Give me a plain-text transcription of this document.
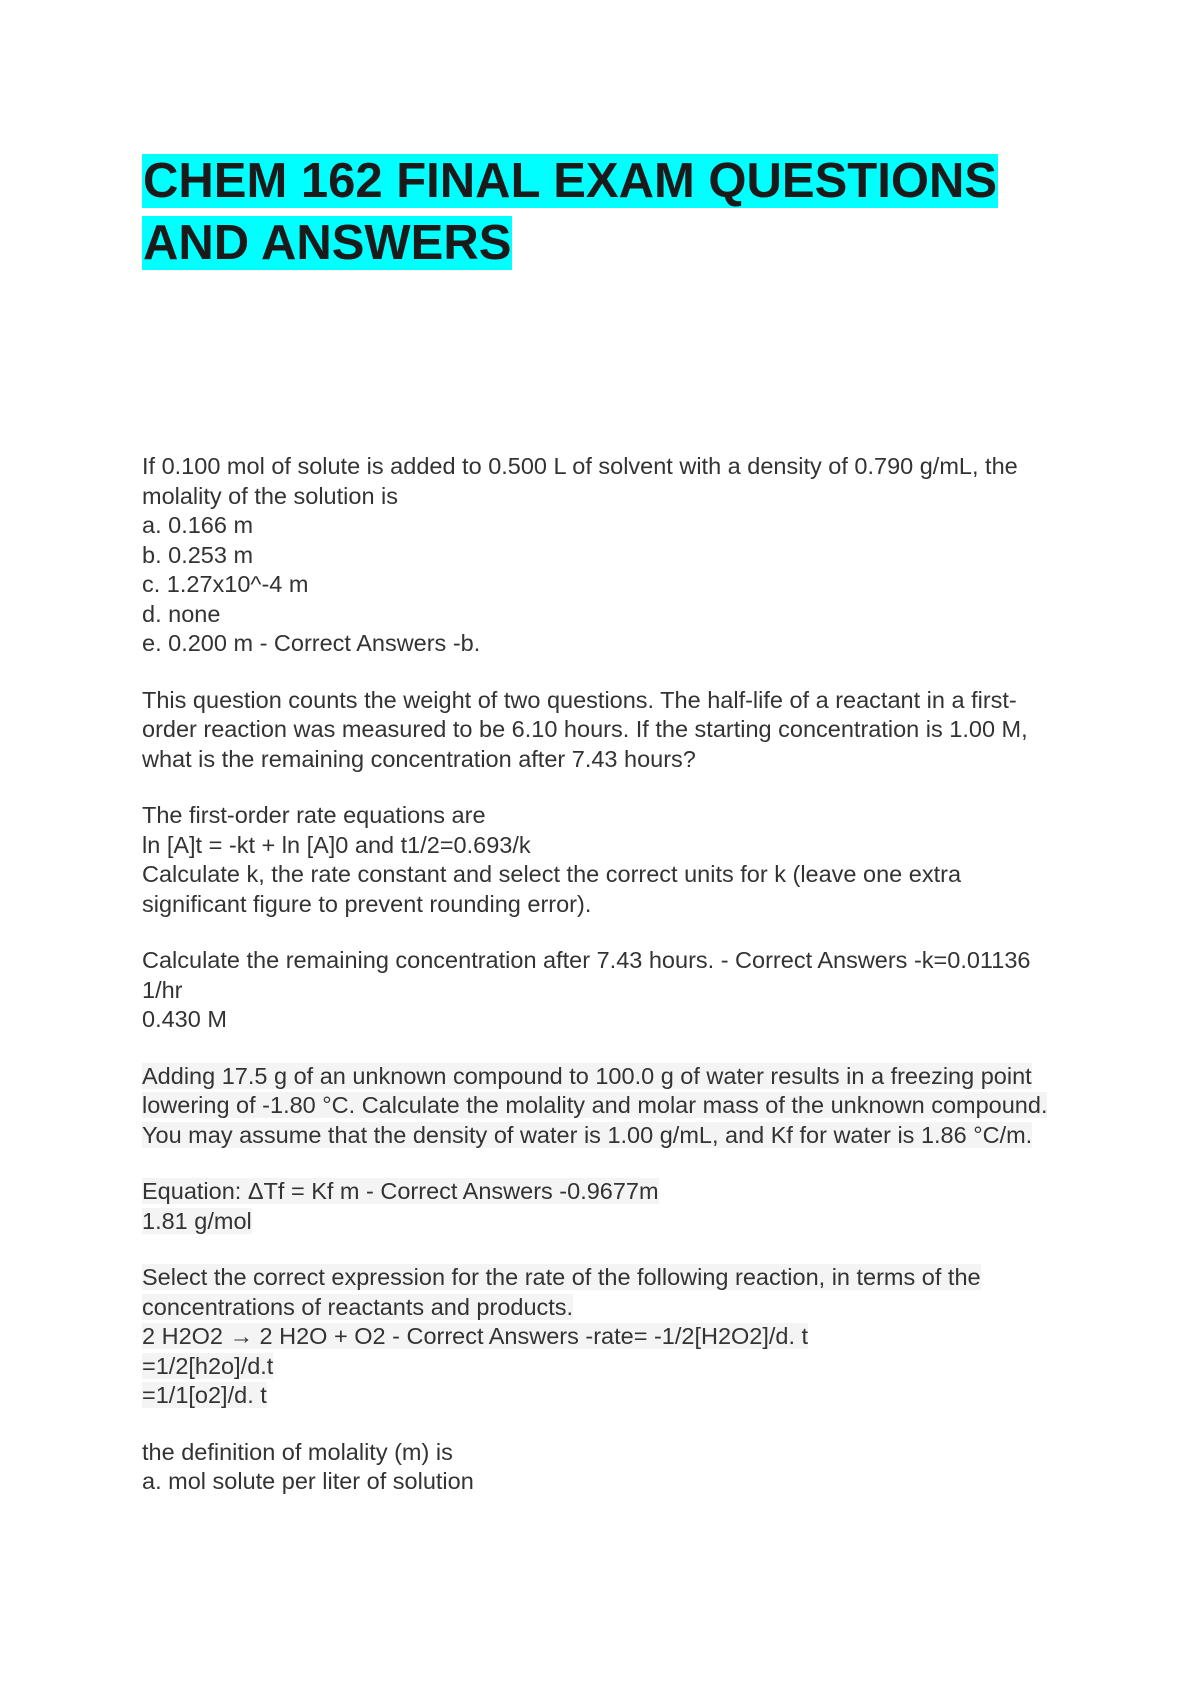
CHEM 162 FINAL EXAM QUESTIONS
AND ANSWERS
If 0.100 mol of solute is added to 0.500 L of solvent with a density of 0.790 g/mL, the
molality of the solution is
a. 0.166 m
b. 0.253 m
c. 1.27x10^-4 m
d. none
e. 0.200 m - Correct Answers -b.
This question counts the weight of two questions. The half-life of a reactant in a first-
order reaction was measured to be 6.10 hours. If the starting concentration is 1.00 M,
what is the remaining concentration after 7.43 hours?
The first-order rate equations are
ln [A]t = -kt + ln [A]0 and t1/2=0.693/k
Calculate k, the rate constant and select the correct units for k (leave one extra
significant figure to prevent rounding error).
Calculate the remaining concentration after 7.43 hours. - Correct Answers -k=0.01136
1/hr
0.430 M
Adding 17.5 g of an unknown compound to 100.0 g of water results in a freezing point
lowering of -1.80 °C. Calculate the molality and molar mass of the unknown compound.
You may assume that the density of water is 1.00 g/mL, and Kf for water is 1.86 °C/m.
Equation: ΔTf = Kf m - Correct Answers -0.9677m
1.81 g/mol
Select the correct expression for the rate of the following reaction, in terms of the
concentrations of reactants and products.
2 H2O2 → 2 H2O + O2 - Correct Answers -rate= -1/2[H2O2]/d. t
=1/2[h2o]/d.t
=1/1[o2]/d. t
the definition of molality (m) is
a. mol solute per liter of solution
